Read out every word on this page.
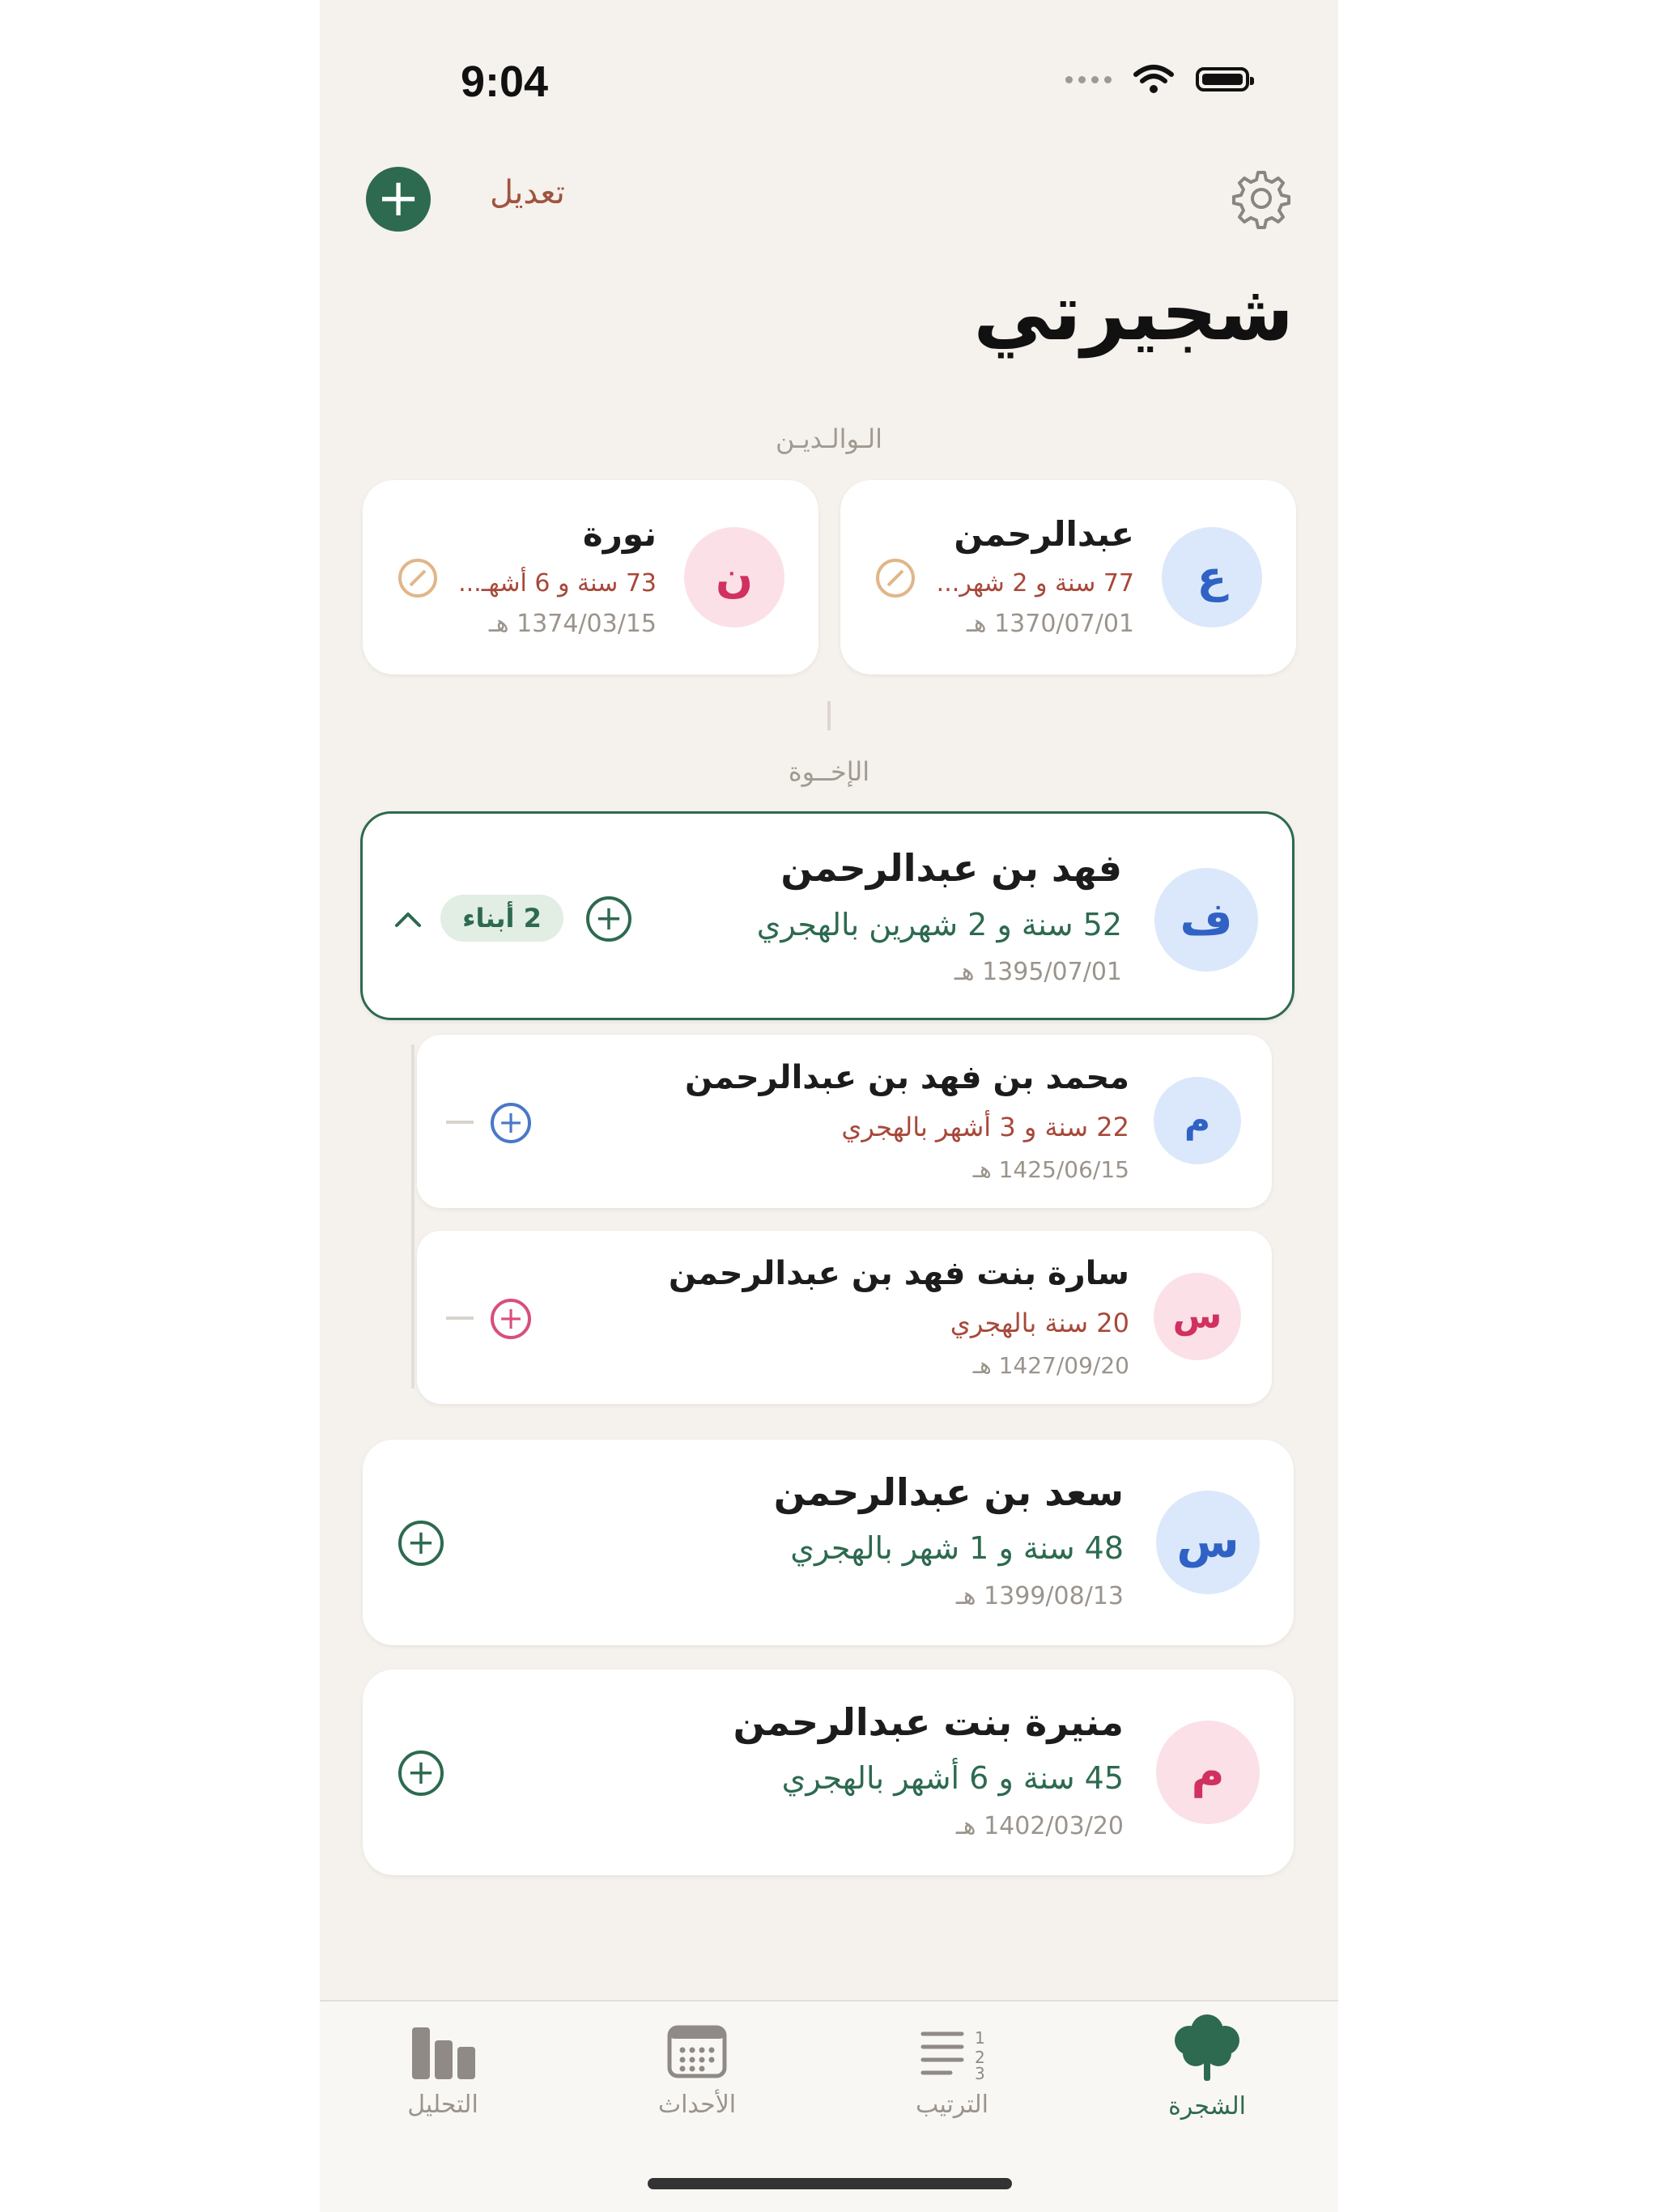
9:04
+	تعديل
شجيرتي
الـوالـديـن
ع
عبدالرحمن
77 سنة و 2 شهر...
1370/07/01 هـ
ن
نورة
73 سنة و 6 أشهـ...
1374/03/15 هـ
الإخــوة
ف
فهد بن عبدالرحمن
52 سنة و 2 شهرين بالهجري
1395/07/01 هـ
+
2 أبناء
م
محمد بن فهد بن عبدالرحمن
22 سنة و 3 أشهر بالهجري
1425/06/15 هـ
+
س
سارة بنت فهد بن عبدالرحمن
20 سنة بالهجري
1427/09/20 هـ
+
س
سعد بن عبدالرحمن
48 سنة و 1 شهر بالهجري
1399/08/13 هـ
+
م
منيرة بنت عبدالرحمن
45 سنة و 6 أشهر بالهجري
1402/03/20 هـ
+
التحليل	الأحداث
1
2
3
الترتيب	الشجرة
